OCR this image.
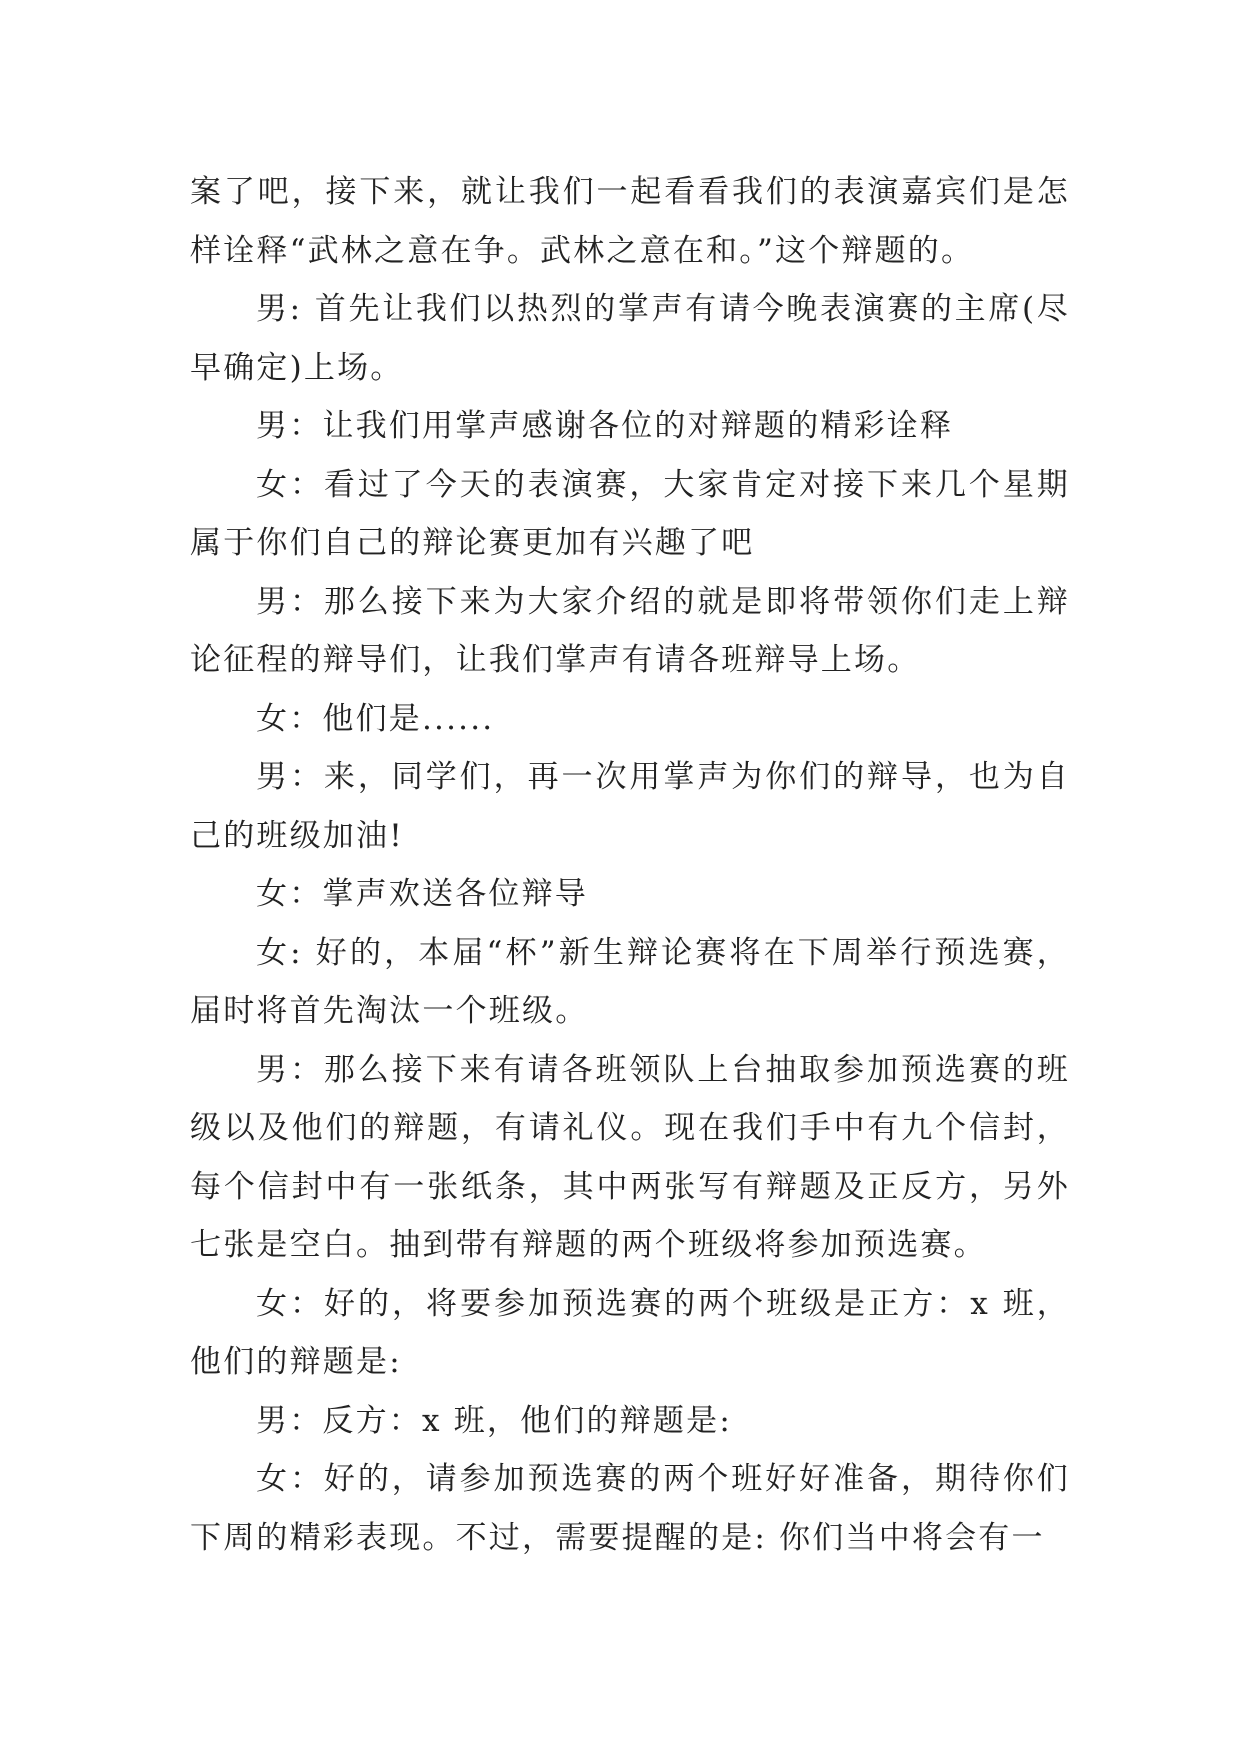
案了吧，接下来，就让我们一起看看我们的表演嘉宾们是怎样诠释“武林之意在争。武林之意在和。”这个辩题的。

男: 首先让我们以热烈的掌声有请今晚表演赛的主席(尽早确定)上场。

男：让我们用掌声感谢各位的对辩题的精彩诠释

女：看过了今天的表演赛，大家肯定对接下来几个星期属于你们自己的辩论赛更加有兴趣了吧

男：那么接下来为大家介绍的就是即将带领你们走上辩论征程的辩导们，让我们掌声有请各班辩导上场。

女：他们是......

男：来，同学们，再一次用掌声为你们的辩导，也为自己的班级加油!

女：掌声欢送各位辩导

女: 好的，本届“杯”新生辩论赛将在下周举行预选赛，届时将首先淘汰一个班级。

男：那么接下来有请各班领队上台抽取参加预选赛的班级以及他们的辩题，有请礼仪。现在我们手中有九个信封，每个信封中有一张纸条，其中两张写有辩题及正反方，另外七张是空白。抽到带有辩题的两个班级将参加预选赛。

女：好的，将要参加预选赛的两个班级是正方：x 班，他们的辩题是:

男：反方：x 班，他们的辩题是:

女：好的，请参加预选赛的两个班好好准备，期待你们下周的精彩表现。不过，需要提醒的是: 你们当中将会有一
